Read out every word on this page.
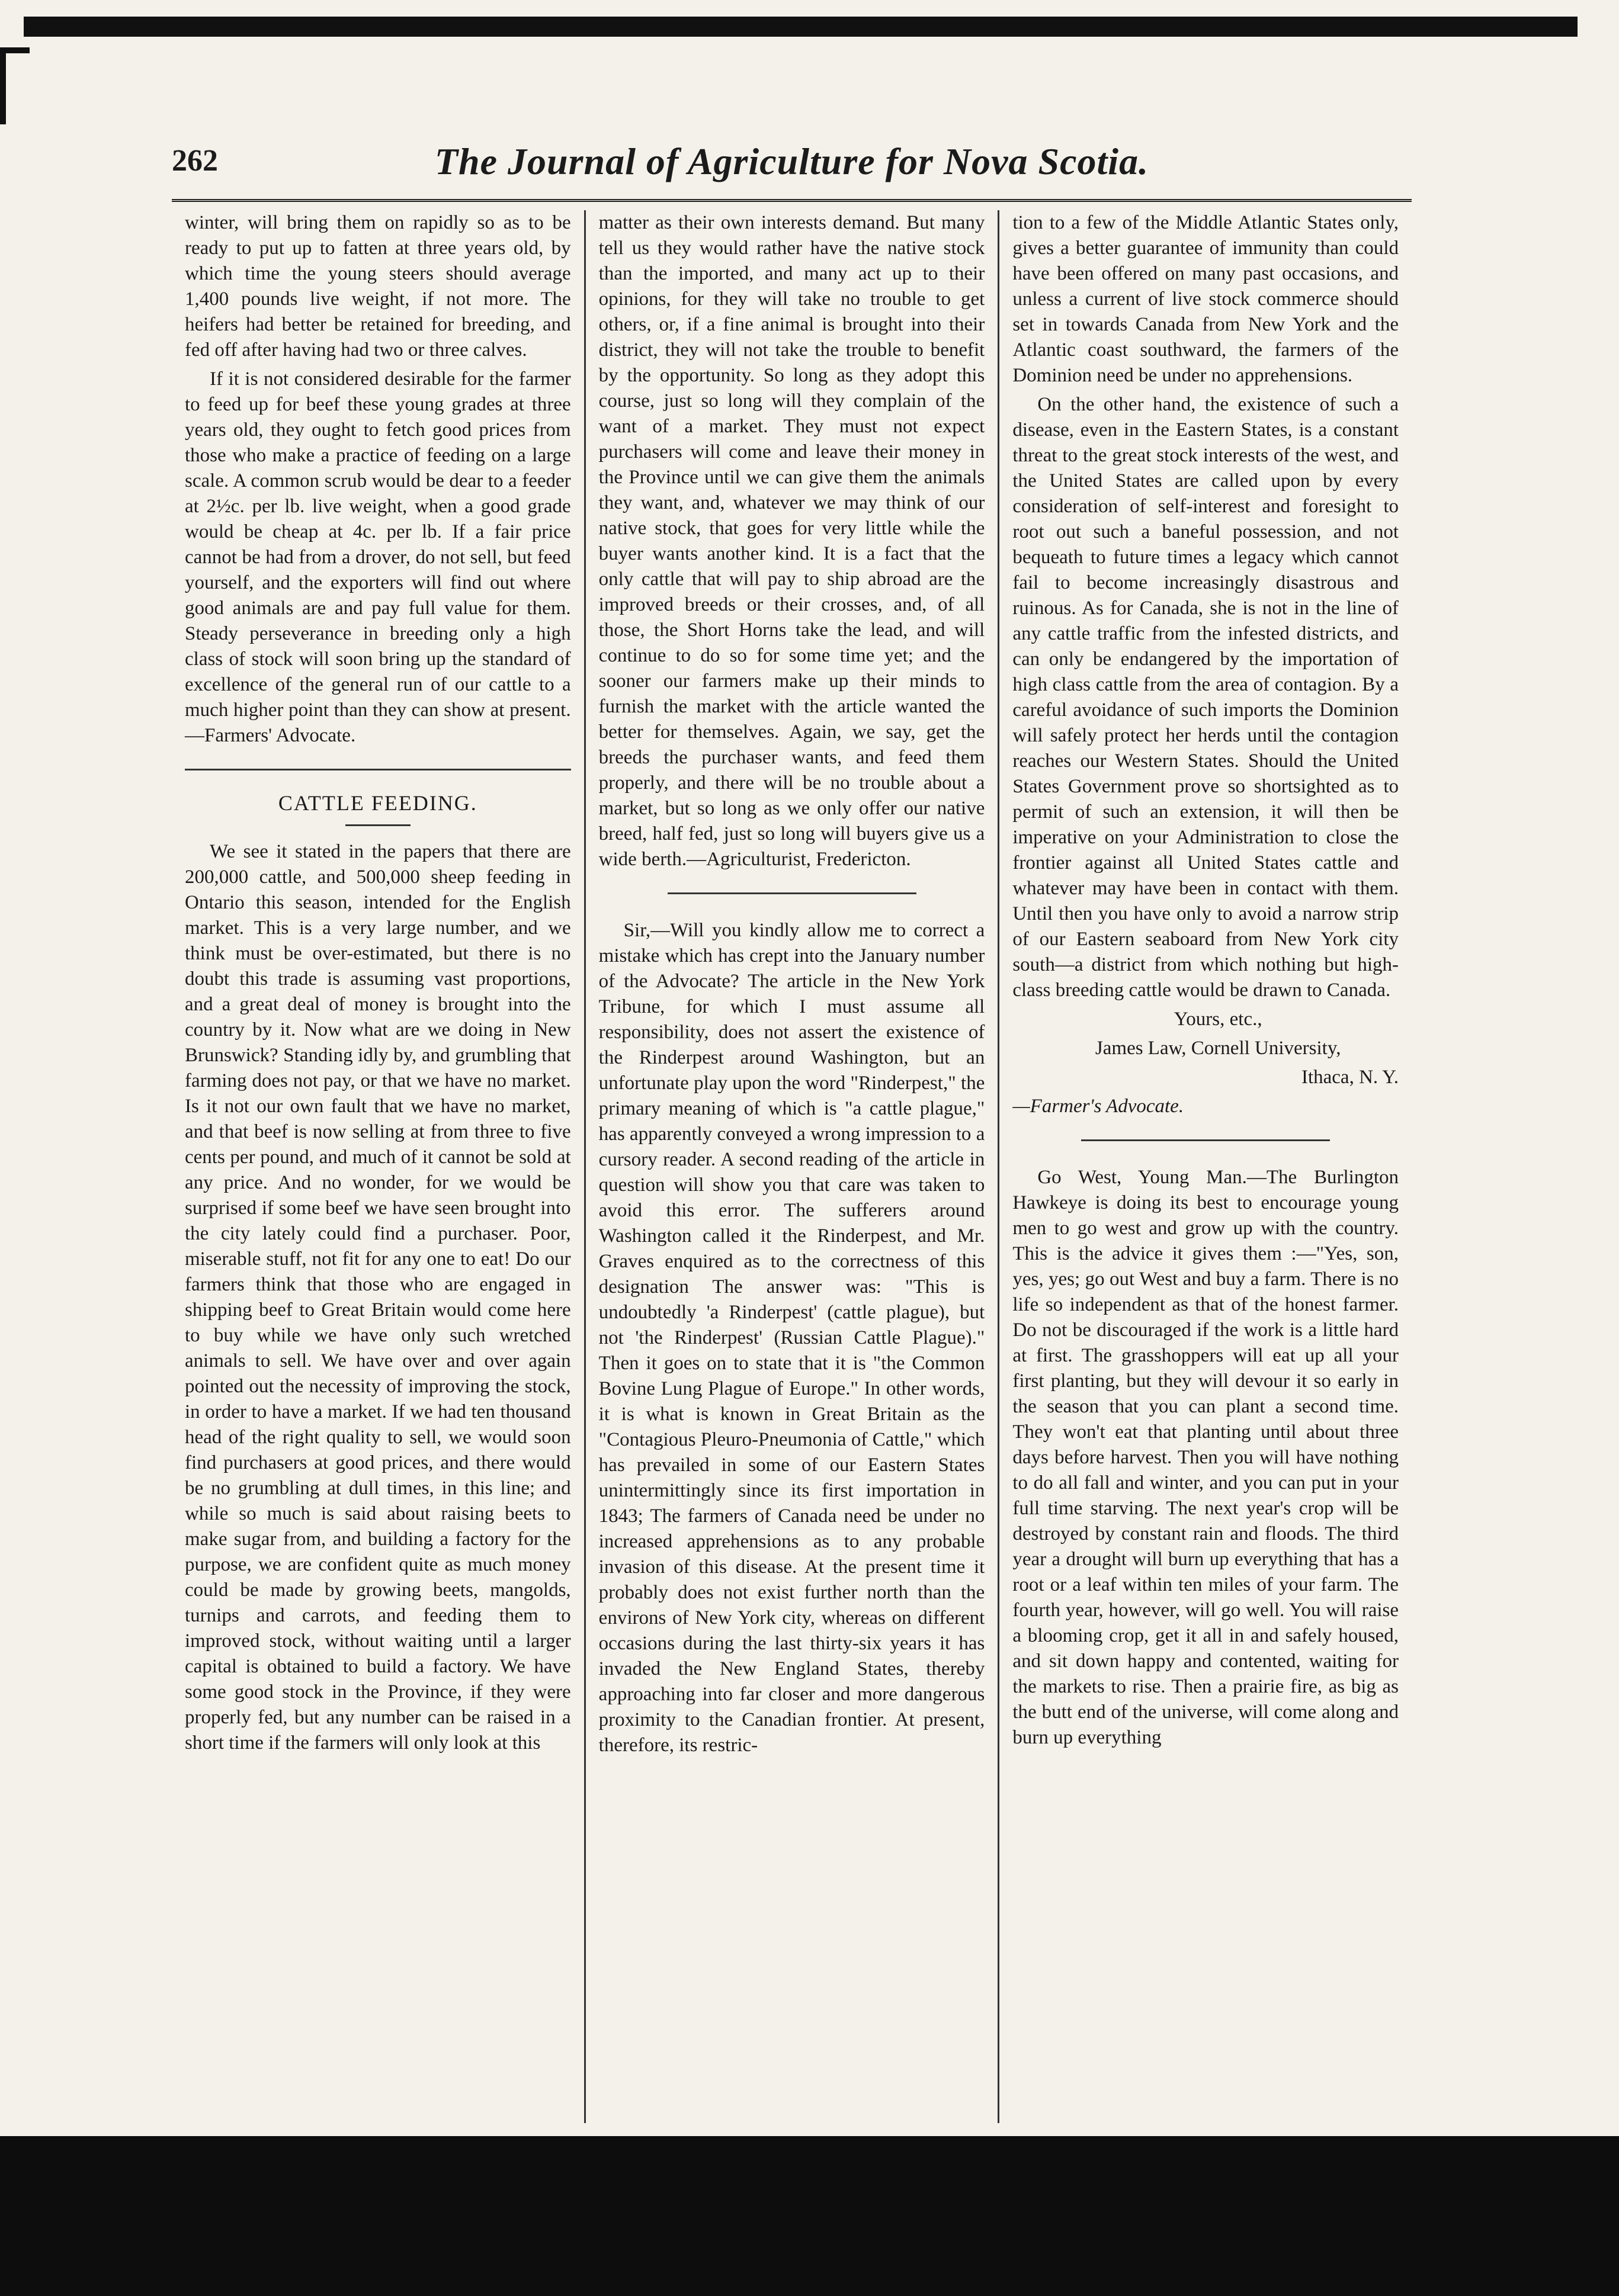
262	The Journal of Agriculture for Nova Scotia.

winter, will bring them on rapidly so as to be ready to put up to fatten at three years old, by which time the young steers should average 1,400 pounds live weight, if not more. The heifers had better be retained for breeding, and fed off after having had two or three calves.

If it is not considered desirable for the farmer to feed up for beef these young grades at three years old, they ought to fetch good prices from those who make a practice of feeding on a large scale. A common scrub would be dear to a feeder at 2½c. per lb. live weight, when a good grade would be cheap at 4c. per lb. If a fair price cannot be had from a drover, do not sell, but feed yourself, and the exporters will find out where good animals are and pay full value for them. Steady perseverance in breeding only a high class of stock will soon bring up the standard of excellence of the general run of our cattle to a much higher point than they can show at present.—Farmers' Advocate.

CATTLE FEEDING.

We see it stated in the papers that there are 200,000 cattle, and 500,000 sheep feeding in Ontario this season, intended for the English market. This is a very large number, and we think must be over-estimated, but there is no doubt this trade is assuming vast proportions, and a great deal of money is brought into the country by it. Now what are we doing in New Brunswick? Standing idly by, and grumbling that farming does not pay, or that we have no market. Is it not our own fault that we have no market, and that beef is now selling at from three to five cents per pound, and much of it cannot be sold at any price. And no wonder, for we would be surprised if some beef we have seen brought into the city lately could find a purchaser. Poor, miserable stuff, not fit for any one to eat! Do our farmers think that those who are engaged in shipping beef to Great Britain would come here to buy while we have only such wretched animals to sell. We have over and over again pointed out the necessity of improving the stock, in order to have a market. If we had ten thousand head of the right quality to sell, we would soon find purchasers at good prices, and there would be no grumbling at dull times, in this line; and while so much is said about raising beets to make sugar from, and building a factory for the purpose, we are confident quite as much money could be made by growing beets, mangolds, turnips and carrots, and feeding them to improved stock, without waiting until a larger capital is obtained to build a factory. We have some good stock in the Province, if they were properly fed, but any number can be raised in a short time if the farmers will only look at this

matter as their own interests demand. But many tell us they would rather have the native stock than the imported, and many act up to their opinions, for they will take no trouble to get others, or, if a fine animal is brought into their district, they will not take the trouble to benefit by the opportunity. So long as they adopt this course, just so long will they complain of the want of a market. They must not expect purchasers will come and leave their money in the Province until we can give them the animals they want, and, whatever we may think of our native stock, that goes for very little while the buyer wants another kind. It is a fact that the only cattle that will pay to ship abroad are the improved breeds or their crosses, and, of all those, the Short Horns take the lead, and will continue to do so for some time yet; and the sooner our farmers make up their minds to furnish the market with the article wanted the better for themselves. Again, we say, get the breeds the purchaser wants, and feed them properly, and there will be no trouble about a market, but so long as we only offer our native breed, half fed, just so long will buyers give us a wide berth.—Agriculturist, Fredericton.

Sir,—Will you kindly allow me to correct a mistake which has crept into the January number of the Advocate? The article in the New York Tribune, for which I must assume all responsibility, does not assert the existence of the Rinderpest around Washington, but an unfortunate play upon the word "Rinderpest," the primary meaning of which is "a cattle plague," has apparently conveyed a wrong impression to a cursory reader. A second reading of the article in question will show you that care was taken to avoid this error. The sufferers around Washington called it the Rinderpest, and Mr. Graves enquired as to the correctness of this designation The answer was: "This is undoubtedly 'a Rinderpest' (cattle plague), but not 'the Rinderpest' (Russian Cattle Plague)." Then it goes on to state that it is "the Common Bovine Lung Plague of Europe." In other words, it is what is known in Great Britain as the "Contagious Pleuro-Pneumonia of Cattle," which has prevailed in some of our Eastern States unintermittingly since its first importation in 1843; The farmers of Canada need be under no increased apprehensions as to any probable invasion of this disease. At the present time it probably does not exist further north than the environs of New York city, whereas on different occasions during the last thirty-six years it has invaded the New England States, thereby approaching into far closer and more dangerous proximity to the Canadian frontier. At present, therefore, its restric-

tion to a few of the Middle Atlantic States only, gives a better guarantee of immunity than could have been offered on many past occasions, and unless a current of live stock commerce should set in towards Canada from New York and the Atlantic coast southward, the farmers of the Dominion need be under no apprehensions.

On the other hand, the existence of such a disease, even in the Eastern States, is a constant threat to the great stock interests of the west, and the United States are called upon by every consideration of self-interest and foresight to root out such a baneful possession, and not bequeath to future times a legacy which cannot fail to become increasingly disastrous and ruinous. As for Canada, she is not in the line of any cattle traffic from the infested districts, and can only be endangered by the importation of high class cattle from the area of contagion. By a careful avoidance of such imports the Dominion will safely protect her herds until the contagion reaches our Western States. Should the United States Government prove so shortsighted as to permit of such an extension, it will then be imperative on your Administration to close the frontier against all United States cattle and whatever may have been in contact with them. Until then you have only to avoid a narrow strip of our Eastern seaboard from New York city south—a district from which nothing but high-class breeding cattle would be drawn to Canada.

Yours, etc.,

James Law, Cornell University,

Ithaca, N. Y.

—Farmer's Advocate.

Go West, Young Man.—The Burlington Hawkeye is doing its best to encourage young men to go west and grow up with the country. This is the advice it gives them :—"Yes, son, yes, yes; go out West and buy a farm. There is no life so independent as that of the honest farmer. Do not be discouraged if the work is a little hard at first. The grasshoppers will eat up all your first planting, but they will devour it so early in the season that you can plant a second time. They won't eat that planting until about three days before harvest. Then you will have nothing to do all fall and winter, and you can put in your full time starving. The next year's crop will be destroyed by constant rain and floods. The third year a drought will burn up everything that has a root or a leaf within ten miles of your farm. The fourth year, however, will go well. You will raise a blooming crop, get it all in and safely housed, and sit down happy and contented, waiting for the markets to rise. Then a prairie fire, as big as the butt end of the universe, will come along and burn up everything
